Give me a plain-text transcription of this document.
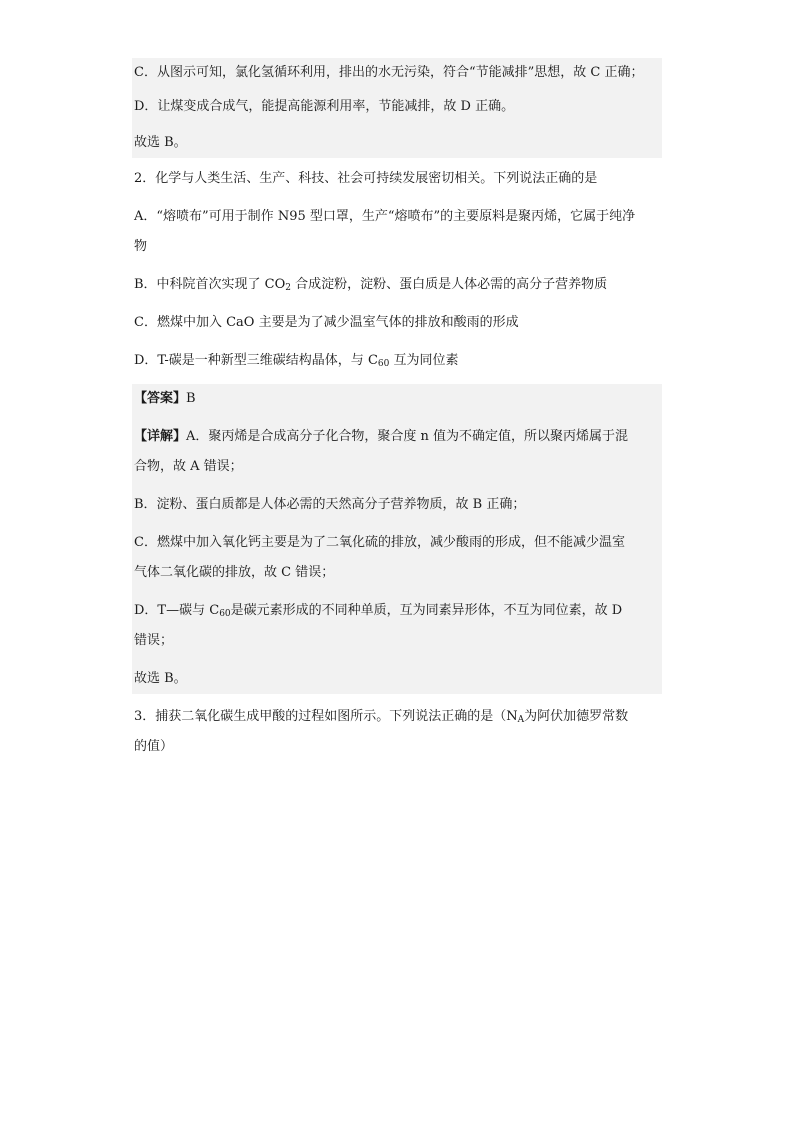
C．从图示可知，氯化氢循环利用，排出的水无污染，符合“节能减排”思想，故 C 正确；
D．让煤变成合成气，能提高能源利用率，节能减排，故 D 正确。
故选 B。
2．化学与人类生活、生产、科技、社会可持续发展密切相关。下列说法正确的是
A．“熔喷布”可用于制作 N95 型口罩，生产“熔喷布”的主要原料是聚丙烯，它属于纯净
物
B．中科院首次实现了 $CO_2$ 合成淀粉，淀粉、蛋白质是人体必需的高分子营养物质
C．燃煤中加入 CaO 主要是为了减少温室气体的排放和酸雨的形成
D．T-碳是一种新型三维碳结构晶体，与 $C_{60}$ 互为同位素
【答案】B
【详解】A．聚丙烯是合成高分子化合物，聚合度 n 值为不确定值，所以聚丙烯属于混
合物，故 A 错误；
B．淀粉、蛋白质都是人体必需的天然高分子营养物质，故 B 正确；
C．燃煤中加入氧化钙主要是为了二氧化硫的排放，减少酸雨的形成，但不能减少温室
气体二氧化碳的排放，故 C 错误；
D．T—碳与 $C_{60}$是碳元素形成的不同种单质，互为同素异形体，不互为同位素，故 D
错误；
故选 B。
3．捕获二氧化碳生成甲酸的过程如图所示。下列说法正确的是（$N_A$为阿伏加德罗常数
的值）
